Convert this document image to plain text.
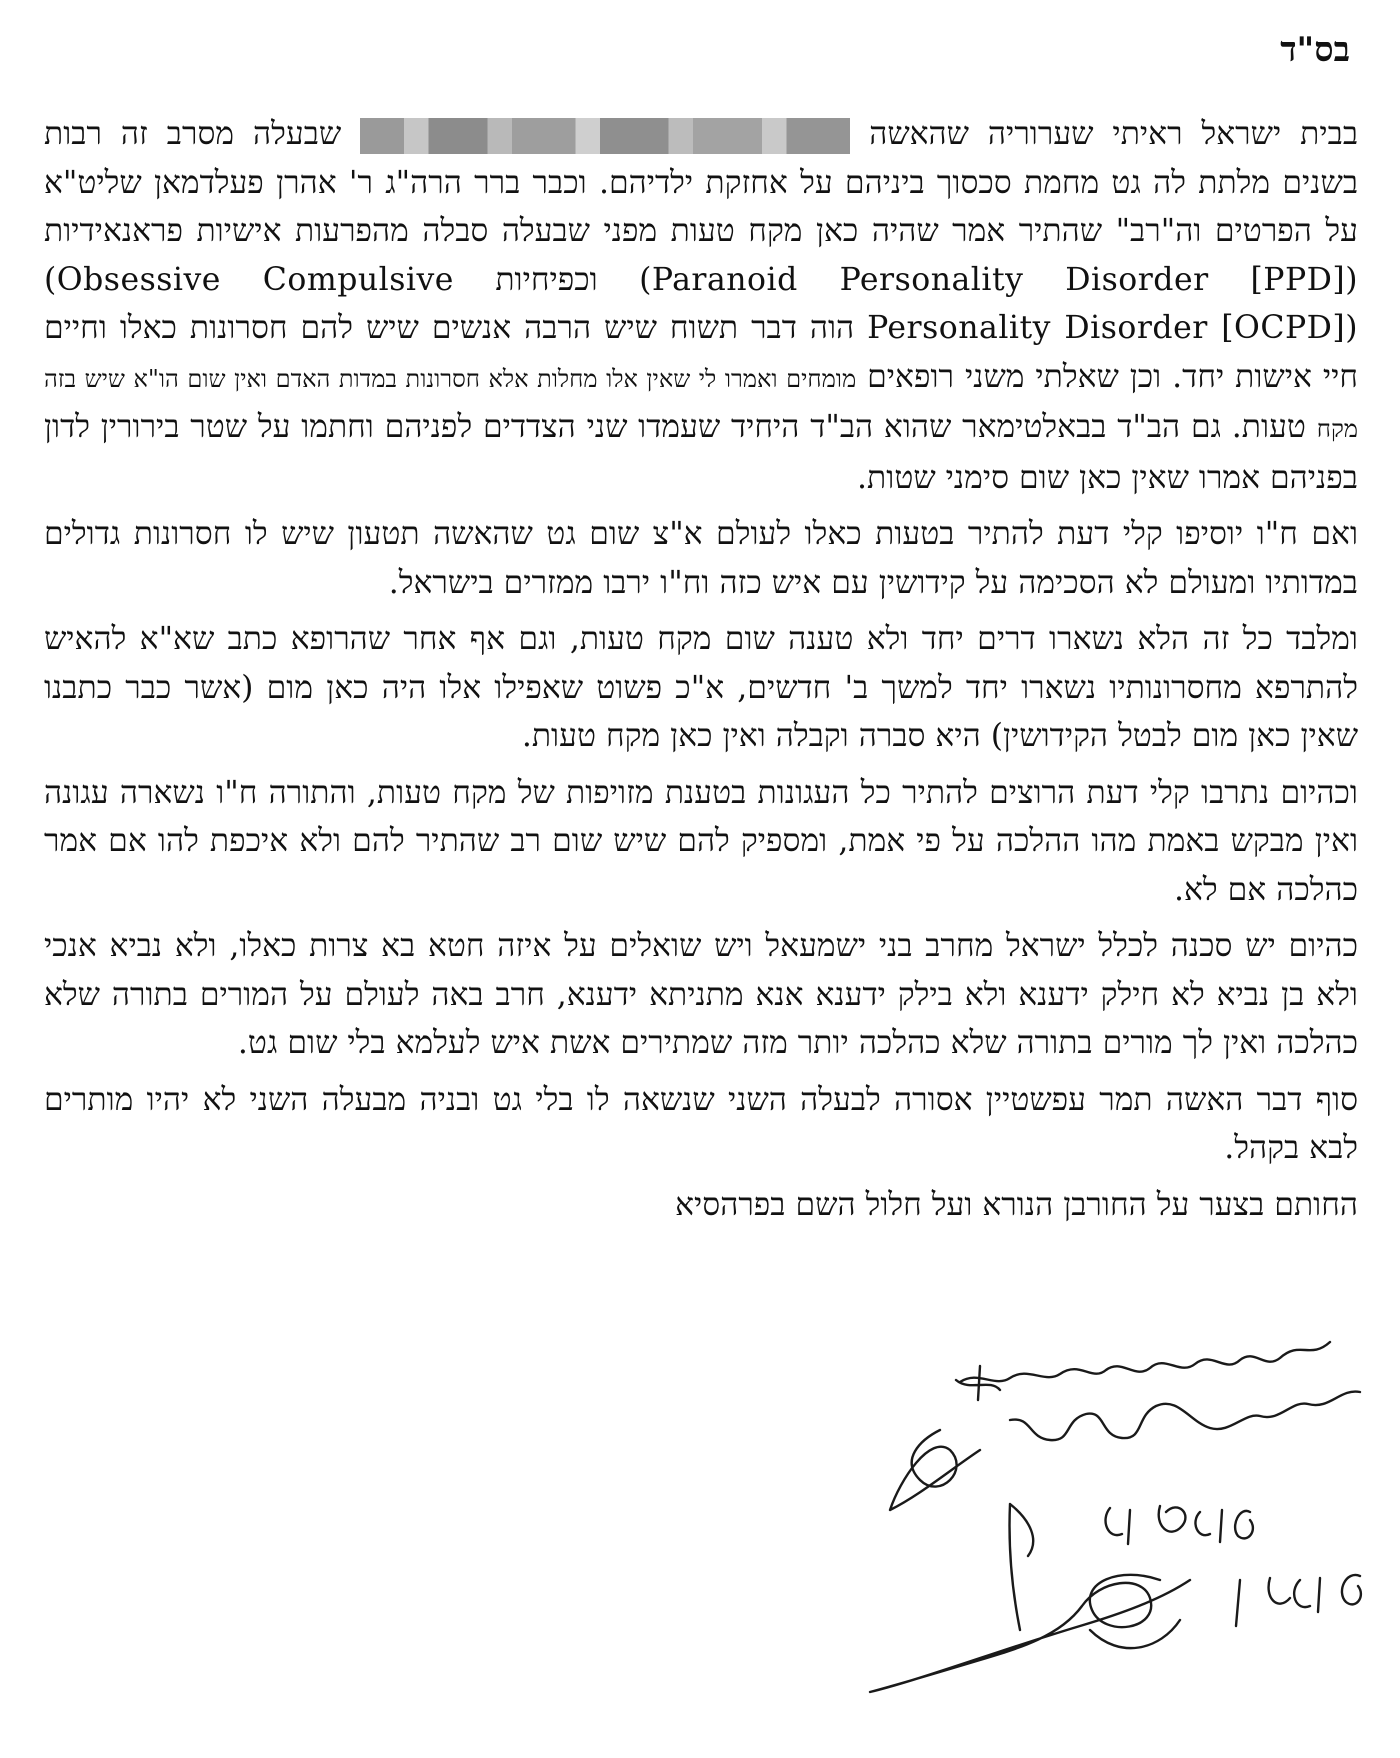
בס"ד

בבית ישראל ראיתי שערוריה שהאשה  שבעלה מסרב זה רבות בשנים מלתת לה גט מחמת סכסוך ביניהם על אחזקת ילדיהם. וכבר ברר הרה"ג ר' אהרן פעלדמאן שליט"א על הפרטים וה"רב" שהתיר אמר שהיה כאן מקח טעות מפני שבעלה סבלה מהפרעות אישיות פראנאידיות (Paranoid Personality Disorder [PPD]) וכפיחיות (Obsessive Compulsive Personality Disorder [OCPD]) הוה דבר תשוח שיש הרבה אנשים שיש להם חסרונות כאלו וחיים חיי אישות יחד. וכן שאלתי משני רופאים מומחים ואמרו לי שאין אלו מחלות אלא חסרונות במדות האדם ואין שום הו"א שיש בזה מקח טעות. גם הב"ד בבאלטימאר שהוא הב"ד היחיד שעמדו שני הצדדים לפניהם וחתמו על שטר בירורין לדון בפניהם אמרו שאין כאן שום סימני שטות.

ואם ח"ו יוסיפו קלי דעת להתיר בטעות כאלו לעולם א"צ שום גט שהאשה תטעון שיש לו חסרונות גדולים במדותיו ומעולם לא הסכימה על קידושין עם איש כזה וח"ו ירבו ממזרים בישראל.

ומלבד כל זה הלא נשארו דרים יחד ולא טענה שום מקח טעות, וגם אף אחר שהרופא כתב שא"א להאיש להתרפא מחסרונותיו נשארו יחד למשך ב' חדשים, א"כ פשוט שאפילו אלו היה כאן מום (אשר כבר כתבנו שאין כאן מום לבטל הקידושין) היא סברה וקבלה ואין כאן מקח טעות.

וכהיום נתרבו קלי דעת הרוצים להתיר כל העגונות בטענת מזויפות של מקח טעות, והתורה ח"ו נשארה עגונה ואין מבקש באמת מהו ההלכה על פי אמת, ומספיק להם שיש שום רב שהתיר להם ולא איכפת להו אם אמר כהלכה אם לא.

כהיום יש סכנה לכלל ישראל מחרב בני ישמעאל ויש שואלים על איזה חטא בא צרות כאלו, ולא נביא אנכי ולא בן נביא לא חילק ידענא ולא בילק ידענא אנא מתניתא ידענא, חרב באה לעולם על המורים בתורה שלא כהלכה ואין לך מורים בתורה שלא כהלכה יותר מזה שמתירים אשת איש לעלמא בלי שום גט.

סוף דבר האשה תמר עפשטיין אסורה לבעלה השני שנשאה לו בלי גט ובניה מבעלה השני לא יהיו מותרים לבא בקהל.

החותם בצער על החורבן הנורא ועל חלול השם בפרהסיא
